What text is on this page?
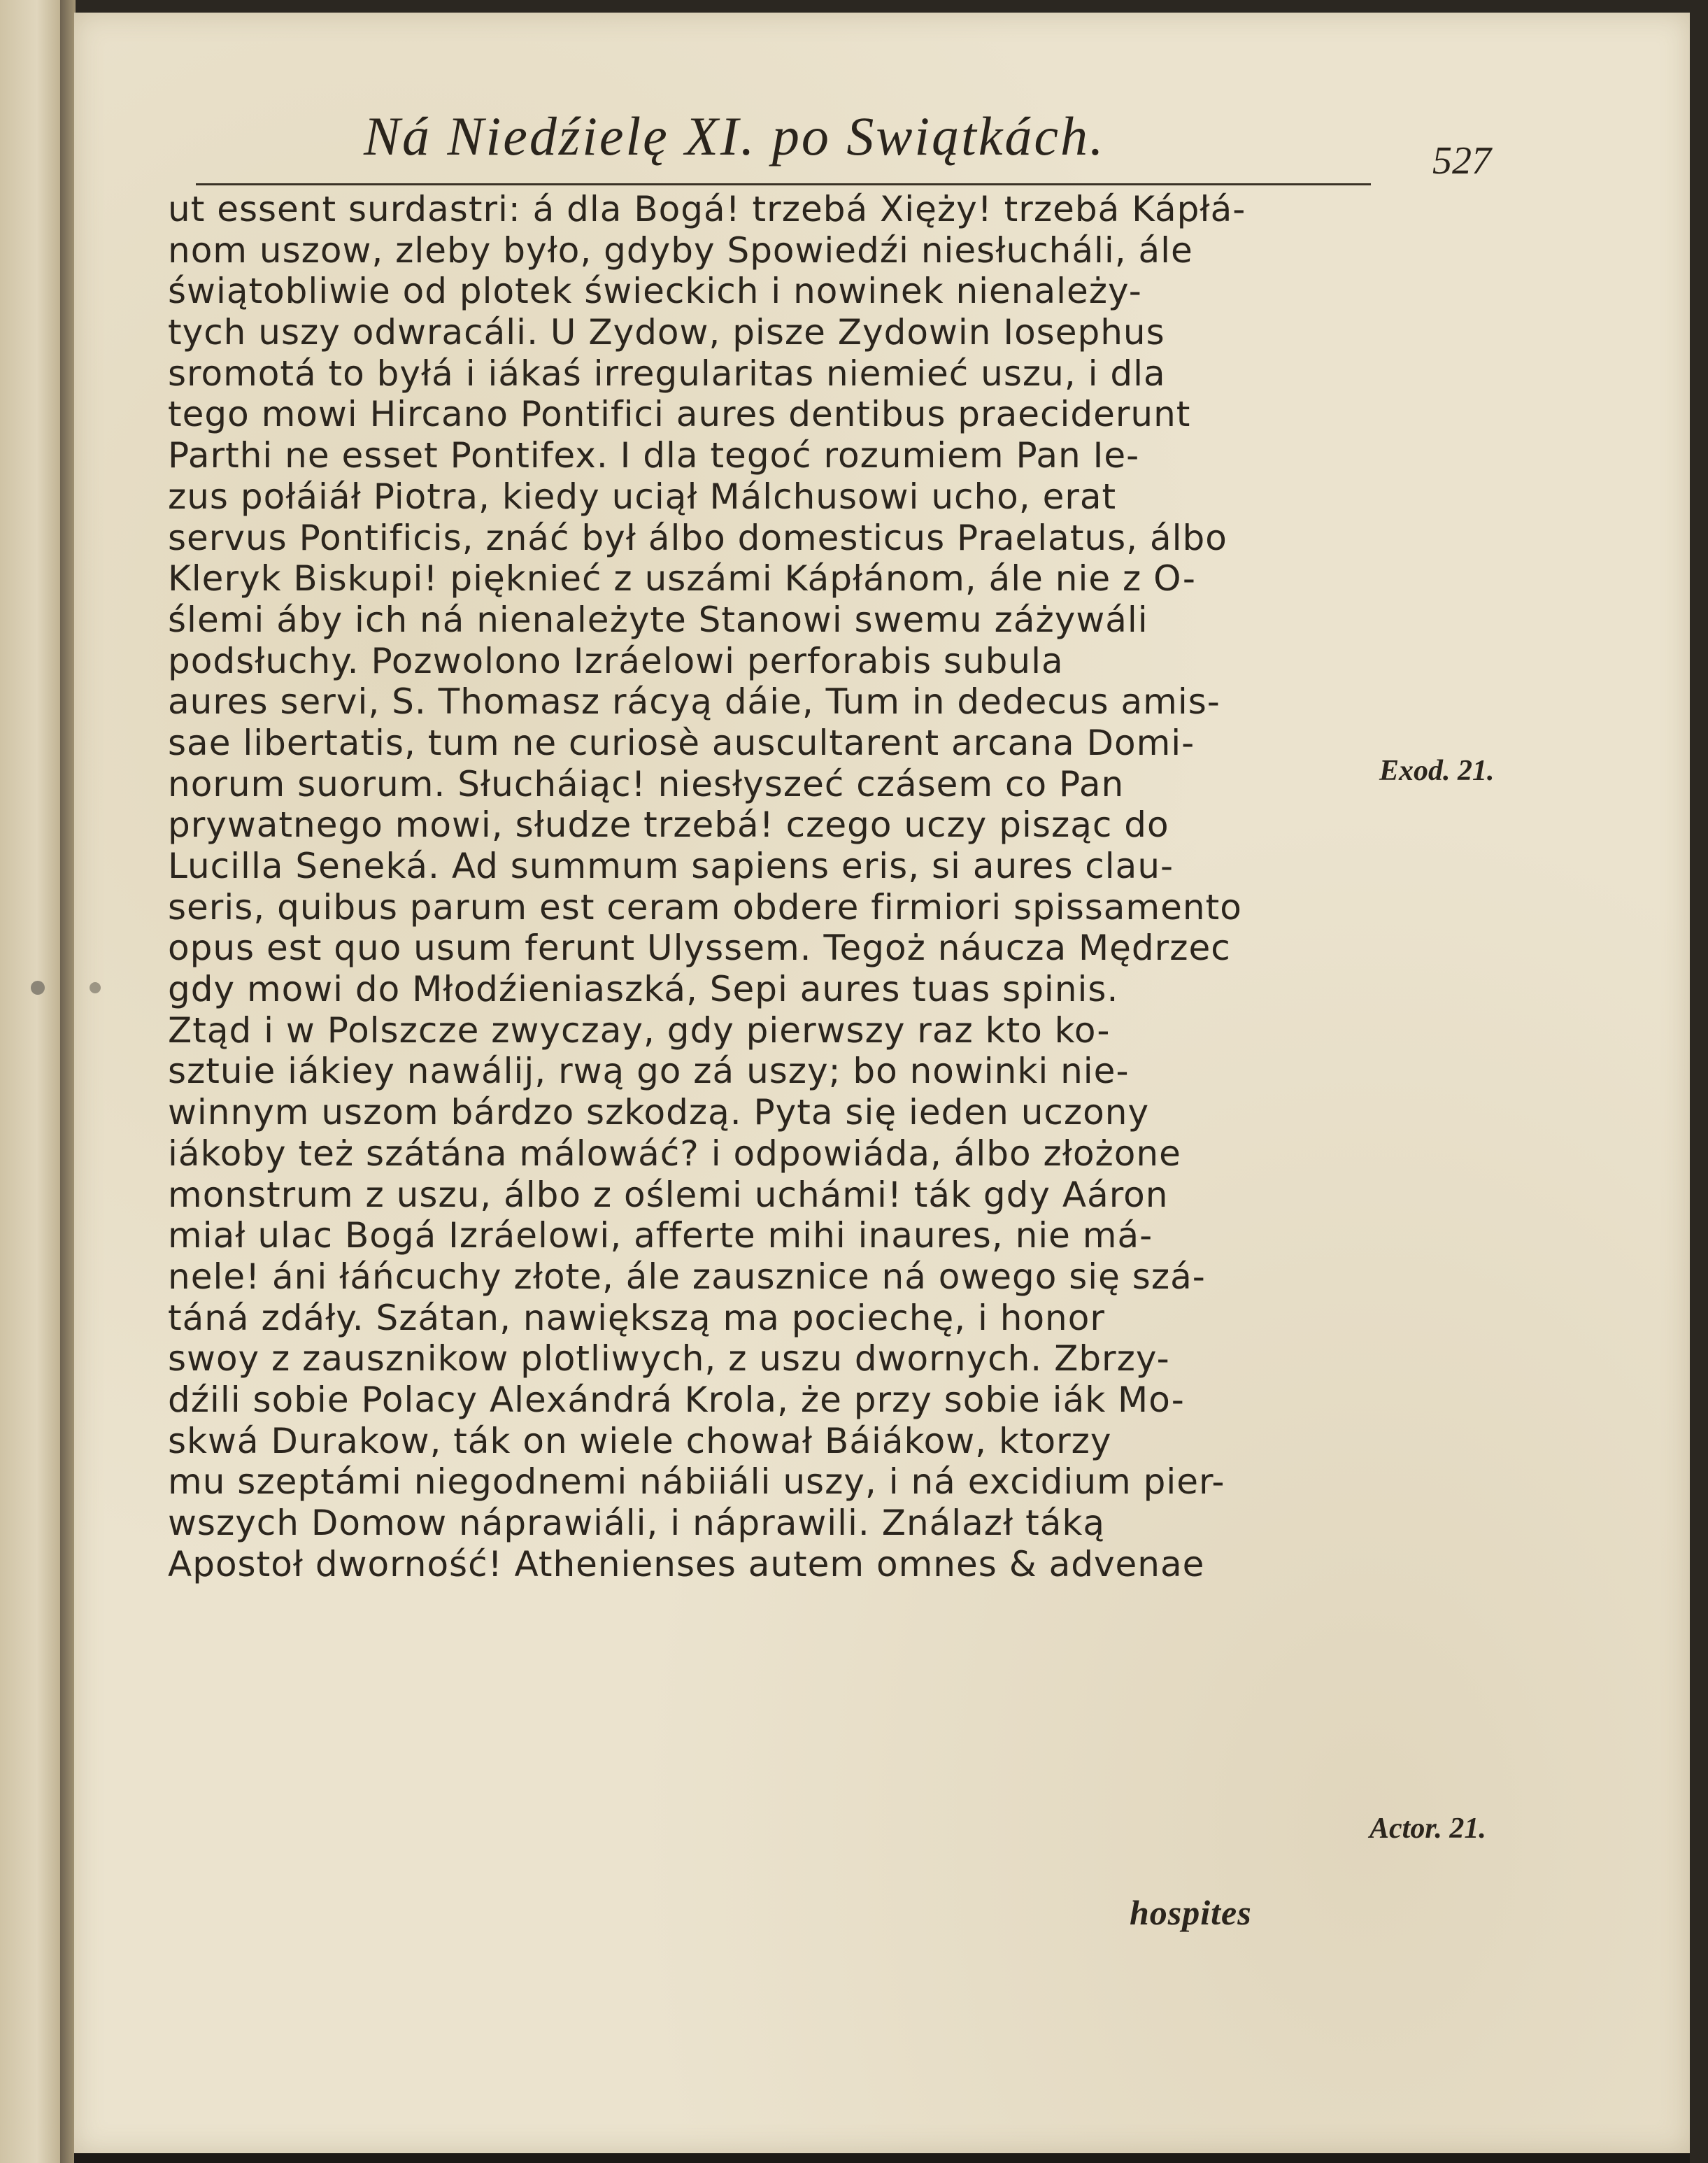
Ná Niedźielę XI. po Swiątkách.	527
ut essent surdastri: á dla Bogá! trzebá Xięży! trzebá Kápłá-
nom uszow, zleby było, gdyby Spowiedźi niesłucháli, ále
świątobliwie od plotek świeckich i nowinek nienależy-
tych uszy odwracáli. U Zydow, pisze Zydowin Iosephus
sromotá to byłá i iákaś irregularitas niemieć uszu, i dla
tego mowi Hircano Pontifici aures dentibus praeciderunt
Parthi ne esset Pontifex. I dla tegoć rozumiem Pan Ie-
zus połáiáł Piotra, kiedy uciął Málchusowi ucho, erat
servus Pontificis, znáć był álbo domesticus Praelatus, álbo
Kleryk Biskupi! pięknieć z uszámi Kápłánom, ále nie z O-
ślemi áby ich ná nienależyte Stanowi swemu záżywáli
podsłuchy. Pozwolono Izráelowi perforabis subula
aures servi, S. Thomasz rácyą dáie, Tum in dedecus amis-
sae libertatis, tum ne curiosè auscultarent arcana Domi-
norum suorum. Słucháiąc! niesłyszeć czásem co Pan
prywatnego mowi, słudze trzebá! czego uczy pisząc do
Lucilla Seneká. Ad summum sapiens eris, si aures clau-
seris, quibus parum est ceram obdere firmiori spissamento
opus est quo usum ferunt Ulyssem. Tegoż náucza Mędrzec
gdy mowi do Młodźieniaszká, Sepi aures tuas spinis.
Ztąd i w Polszcze zwyczay, gdy pierwszy raz kto ko-
sztuie iákiey nawálij, rwą go zá uszy; bo nowinki nie-
winnym uszom bárdzo szkodzą. Pyta się ieden uczony
iákoby też szátána málowáć? i odpowiáda, álbo złożone
monstrum z uszu, álbo z oślemi uchámi! ták gdy Aáron
miał ulac Bogá Izráelowi, afferte mihi inaures, nie má-
nele! áni łáńcuchy złote, ále zausznice ná owego się szá-
táná zdáły. Szátan, nawiększą ma pociechę, i honor
swoy z zausznikow plotliwych, z uszu dwornych. Zbrzy-
dźili sobie Polacy Alexándrá Krola, że przy sobie iák Mo-
skwá Durakow, ták on wiele chował Báiákow, ktorzy
mu szeptámi niegodnemi nábiiáli uszy, i ná excidium pier-
wszych Domow náprawiáli, i náprawili. Ználazł táką
Apostoł dworność! Athenienses autem omnes & advenae
Exod. 21.
Actor. 21.
hospites
